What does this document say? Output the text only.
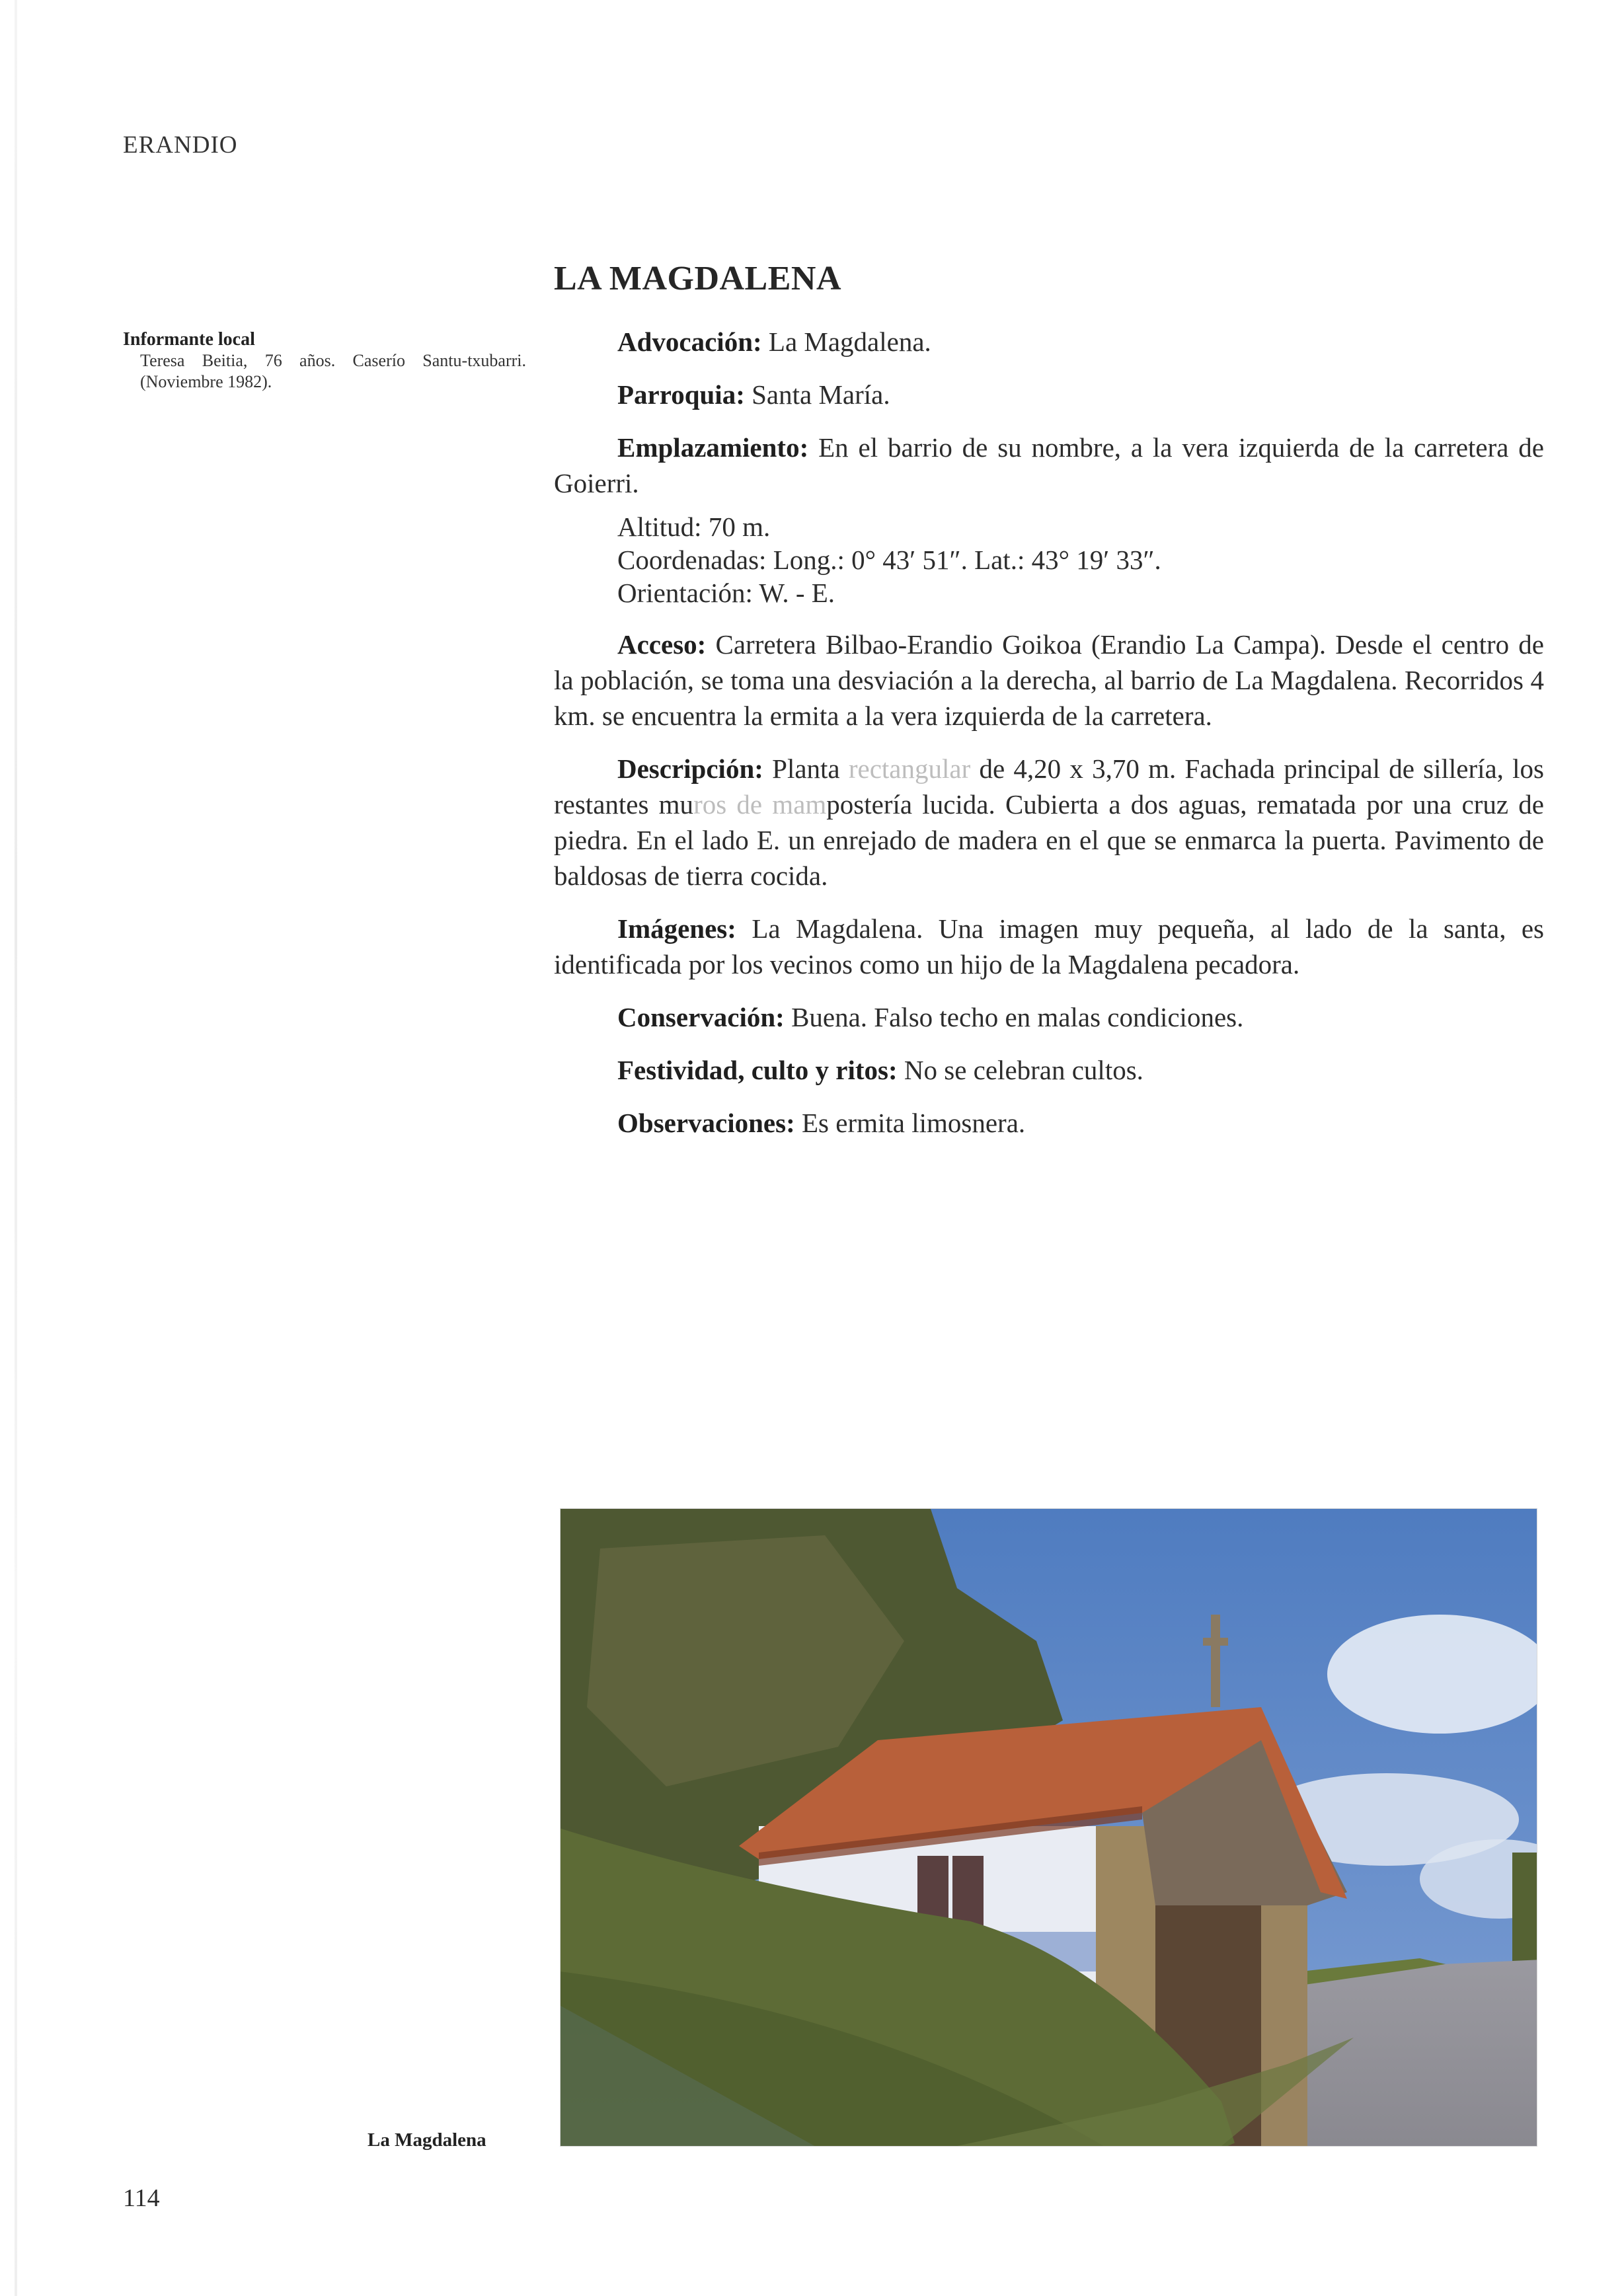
ERANDIO
Informante local
Teresa Beitia, 76 años. Caserío Santu-txubarri. (Noviembre 1982).
LA MAGDALENA

Advocación: La Magdalena.

Parroquia: Santa María.

Emplazamiento: En el barrio de su nombre, a la vera izquierda de la carretera de Goierri.

Altitud: 70 m.
Coordenadas: Long.: 0° 43′ 51″. Lat.: 43° 19′ 33″.
Orientación: W. - E.

Acceso: Carretera Bilbao-Erandio Goikoa (Erandio La Campa). Desde el centro de la población, se toma una desviación a la derecha, al barrio de La Magdalena. Recorridos 4 km. se encuentra la ermita a la vera izquierda de la carretera.

Descripción: Planta rectangular de 4,20 x 3,70 m. Fachada principal de sillería, los restantes muros de mampostería lucida. Cubierta a dos aguas, rematada por una cruz de piedra. En el lado E. un enrejado de madera en el que se enmarca la puerta. Pavimento de baldosas de tierra cocida.

Imágenes: La Magdalena. Una imagen muy pequeña, al lado de la santa, es identificada por los vecinos como un hijo de la Magdalena pecadora.

Conservación: Buena. Falso techo en malas condiciones.

Festividad, culto y ritos: No se celebran cultos.

Observaciones: Es ermita limosnera.

La Magdalena
114
